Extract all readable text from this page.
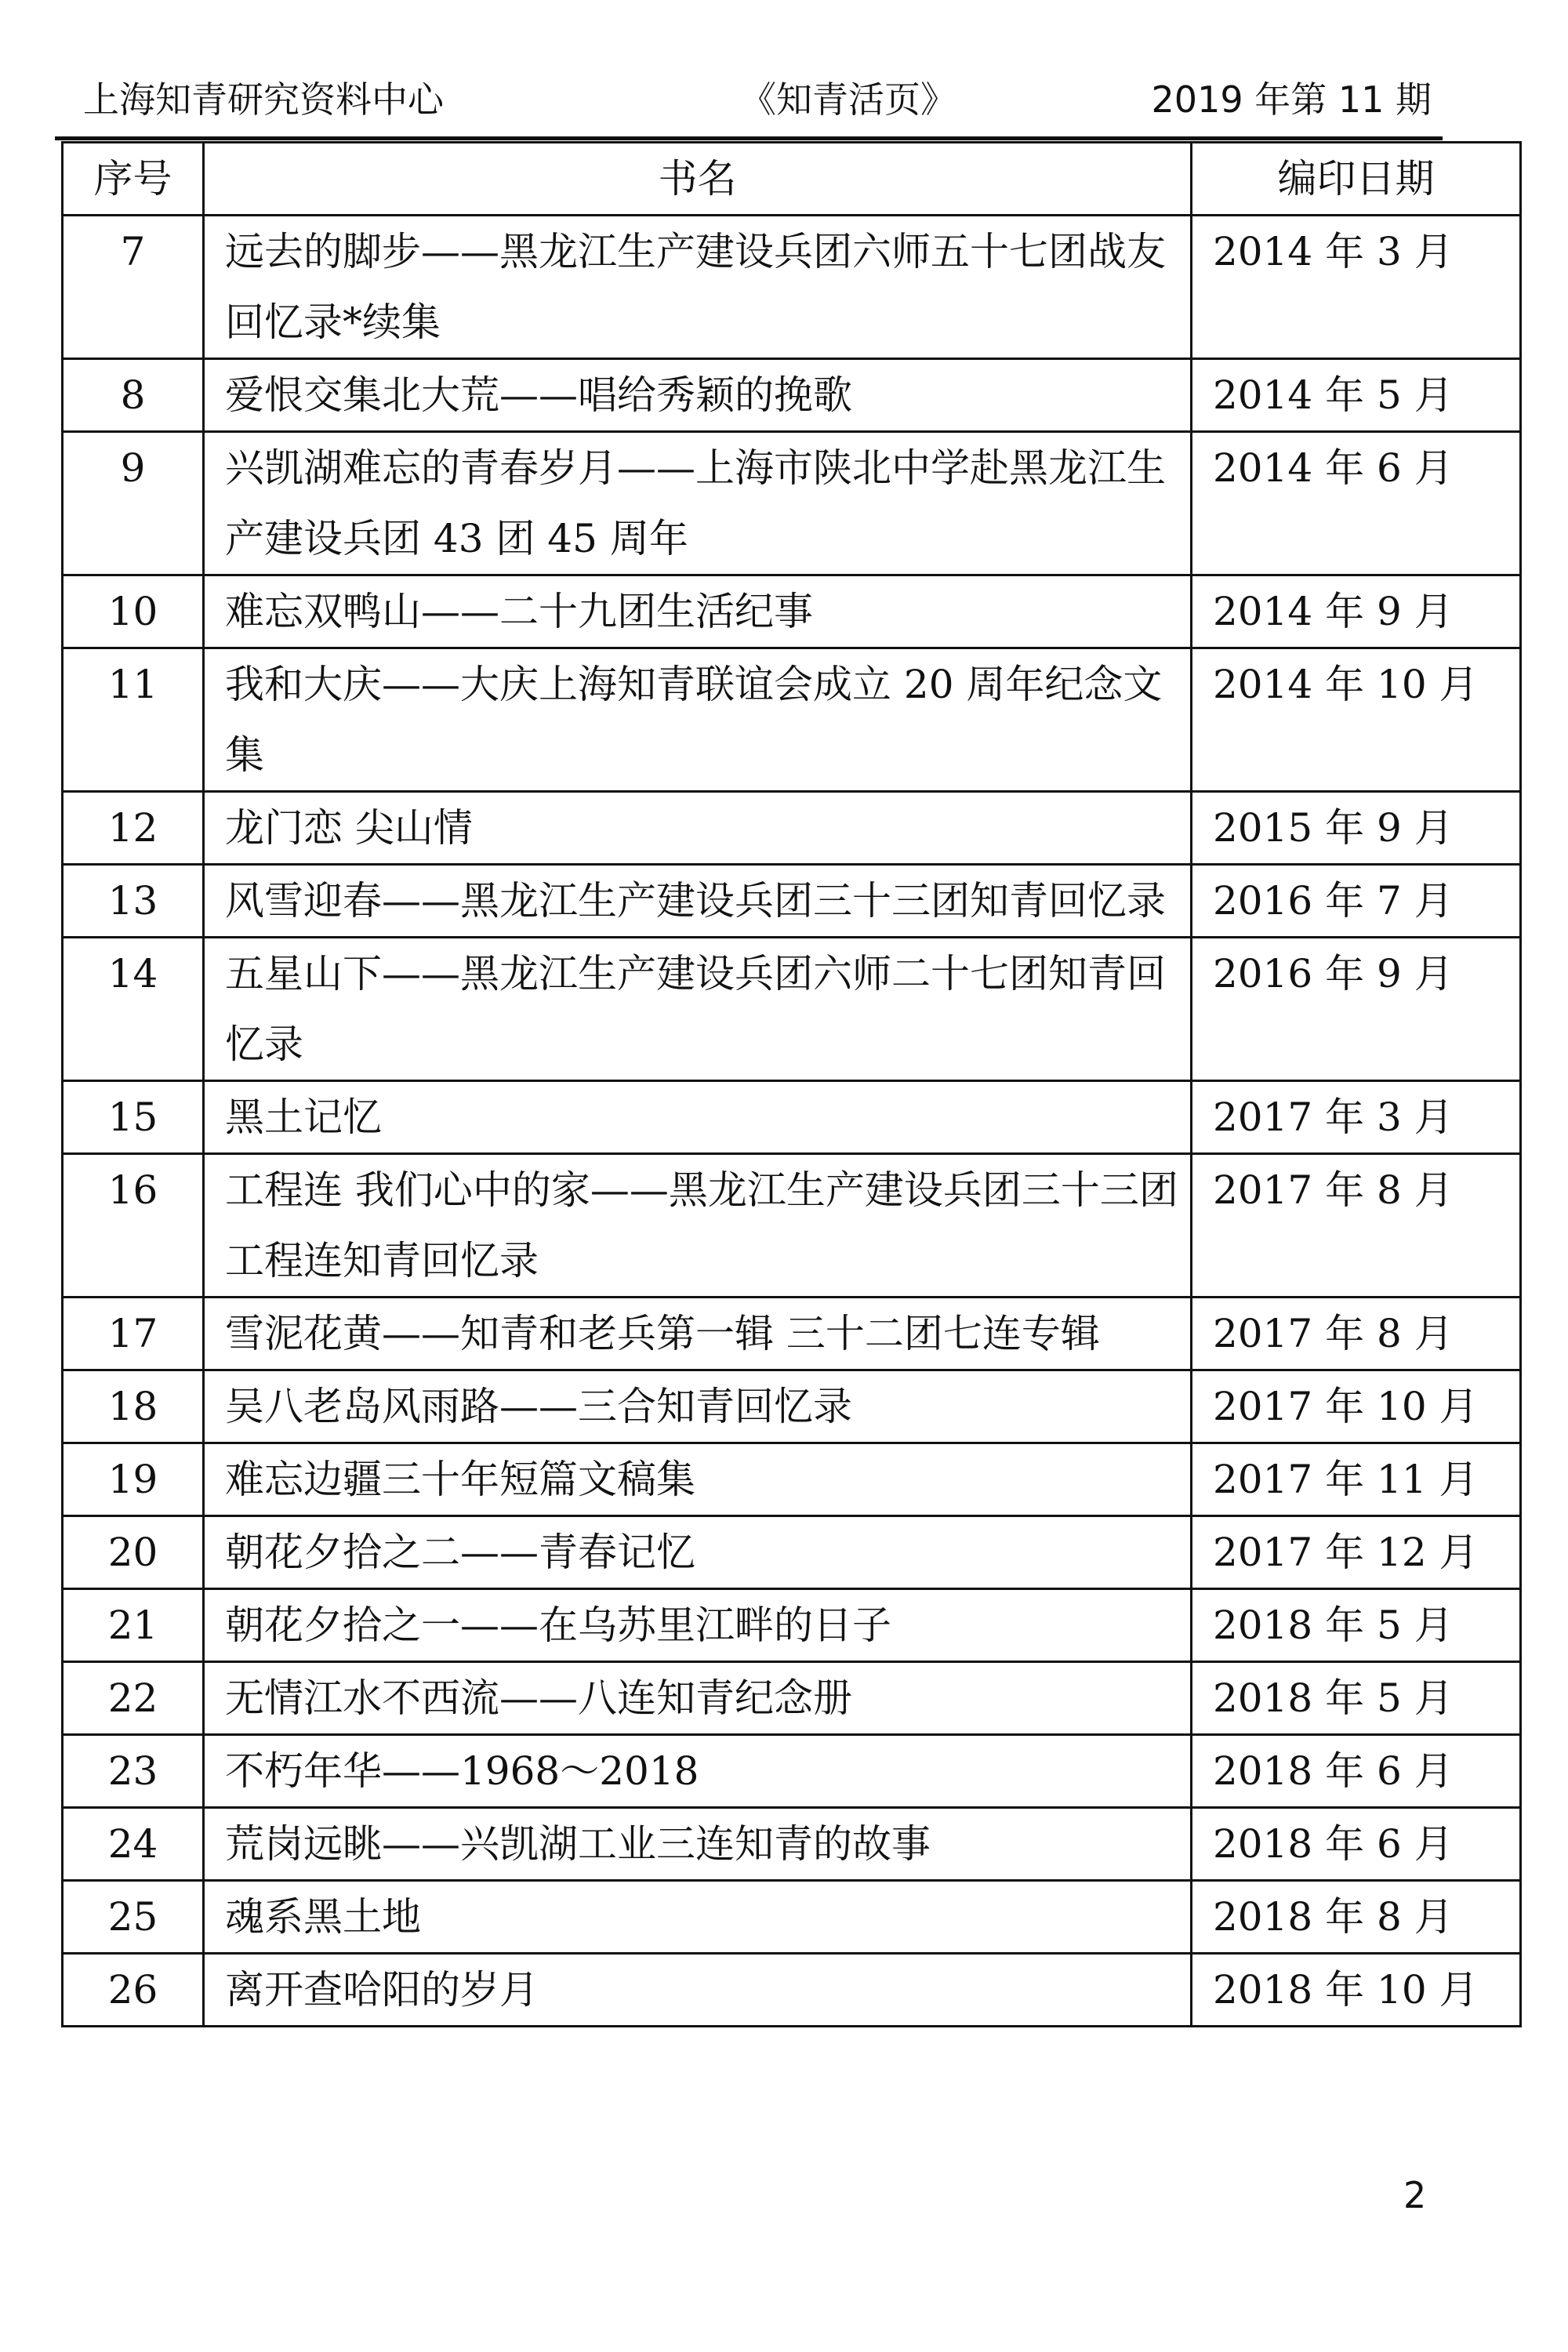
上海知青研究资料中心	《知青活页》	2019 年第 11 期
序号	书名	编印日期
7	远去的脚步——黑龙江生产建设兵团六师五十七团战友回忆录*续集	2014 年 3 月
8	爱恨交集北大荒——唱给秀颖的挽歌	2014 年 5 月
9	兴凯湖难忘的青春岁月——上海市陕北中学赴黑龙江生产建设兵团 43 团 45 周年	2014 年 6 月
10	难忘双鸭山——二十九团生活纪事	2014 年 9 月
11	我和大庆——大庆上海知青联谊会成立 20 周年纪念文集	2014 年 10 月
12	龙门恋 尖山情	2015 年 9 月
13	风雪迎春——黑龙江生产建设兵团三十三团知青回忆录	2016 年 7 月
14	五星山下——黑龙江生产建设兵团六师二十七团知青回忆录	2016 年 9 月
15	黑土记忆	2017 年 3 月
16	工程连 我们心中的家——黑龙江生产建设兵团三十三团工程连知青回忆录	2017 年 8 月
17	雪泥花黄——知青和老兵第一辑 三十二团七连专辑	2017 年 8 月
18	吴八老岛风雨路——三合知青回忆录	2017 年 10 月
19	难忘边疆三十年短篇文稿集	2017 年 11 月
20	朝花夕拾之二——青春记忆	2017 年 12 月
21	朝花夕拾之一——在乌苏里江畔的日子	2018 年 5 月
22	无情江水不西流——八连知青纪念册	2018 年 5 月
23	不朽年华——1968～2018	2018 年 6 月
24	荒岗远眺——兴凯湖工业三连知青的故事	2018 年 6 月
25	魂系黑土地	2018 年 8 月
26	离开查哈阳的岁月	2018 年 10 月
2
